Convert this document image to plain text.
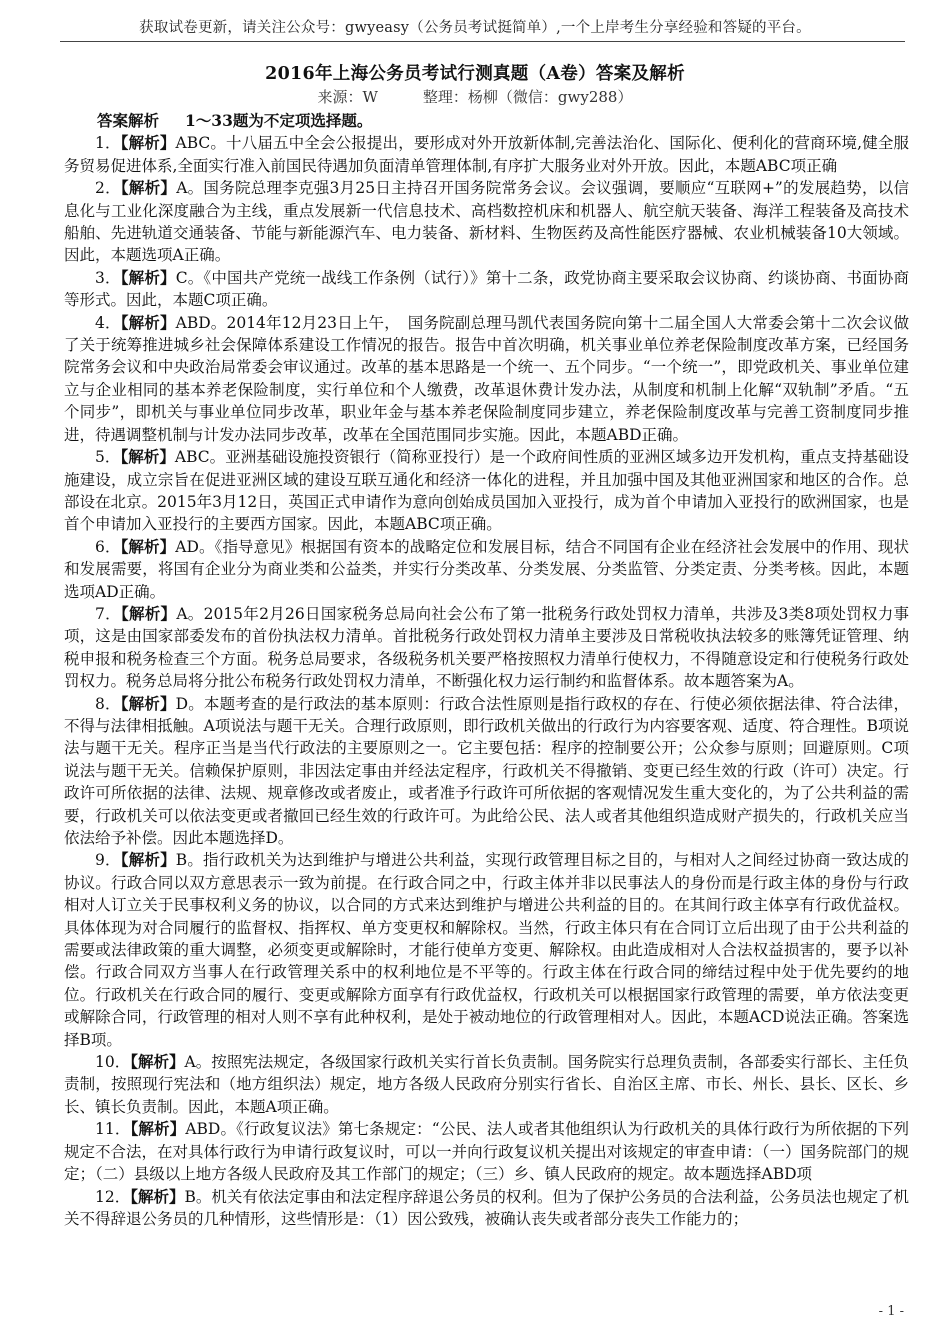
获取试卷更新，请关注公众号：gwyeasy（公务员考试挺简单）,一个上岸考生分享经验和答疑的平台。
2016年上海公务员考试行测真题（A卷）答案及解析
来源：W　　　整理：杨柳（微信：gwy288）

答案解析 1～33题为不定项选择题。

1．【解析】ABC。十八届五中全会公报提出，要形成对外开放新体制,完善法治化、国际化、便利化的营商环境,健全服务贸易促进体系,全面实行准入前国民待遇加负面清单管理体制,有序扩大服务业对外开放。因此，本题ABC项正确

2．【解析】A。国务院总理李克强3月25日主持召开国务院常务会议。会议强调，要顺应“互联网+”的发展趋势，以信息化与工业化深度融合为主线，重点发展新一代信息技术、高档数控机床和机器人、航空航天装备、海洋工程装备及高技术船舶、先进轨道交通装备、节能与新能源汽车、电力装备、新材料、生物医药及高性能医疗器械、农业机械装备10大领域。因此，本题选项A正确。

3．【解析】C。《中国共产党统一战线工作条例（试行）》第十二条，政党协商主要采取会议协商、约谈协商、书面协商等形式。因此，本题C项正确。

4．【解析】ABD。2014年12月23日上午，　国务院副总理马凯代表国务院向第十二届全国人大常委会第十二次会议做了关于统筹推进城乡社会保障体系建设工作情况的报告。报告中首次明确，机关事业单位养老保险制度改革方案，已经国务院常务会议和中央政治局常委会审议通过。改革的基本思路是一个统一、五个同步。“一个统一”，即党政机关、事业单位建立与企业相同的基本养老保险制度，实行单位和个人缴费，改革退休费计发办法，从制度和机制上化解“双轨制”矛盾。“五个同步”，即机关与事业单位同步改革，职业年金与基本养老保险制度同步建立，养老保险制度改革与完善工资制度同步推进，待遇调整机制与计发办法同步改革，改革在全国范围同步实施。因此，本题ABD正确。

5．【解析】ABC。亚洲基础设施投资银行（简称亚投行）是一个政府间性质的亚洲区域多边开发机构，重点支持基础设施建设，成立宗旨在促进亚洲区域的建设互联互通化和经济一体化的进程，并且加强中国及其他亚洲国家和地区的合作。总部设在北京。2015年3月12日，英国正式申请作为意向创始成员国加入亚投行，成为首个申请加入亚投行的欧洲国家，也是首个申请加入亚投行的主要西方国家。因此，本题ABC项正确。

6．【解析】AD。《指导意见》根据国有资本的战略定位和发展目标，结合不同国有企业在经济社会发展中的作用、现状和发展需要，将国有企业分为商业类和公益类，并实行分类改革、分类发展、分类监管、分类定责、分类考核。因此，本题选项AD正确。

7．【解析】A。2015年2月26日国家税务总局向社会公布了第一批税务行政处罚权力清单，共涉及3类8项处罚权力事项，这是由国家部委发布的首份执法权力清单。首批税务行政处罚权力清单主要涉及日常税收执法较多的账簿凭证管理、纳税申报和税务检查三个方面。税务总局要求，各级税务机关要严格按照权力清单行使权力，不得随意设定和行使税务行政处罚权力。税务总局将分批公布税务行政处罚权力清单，不断强化权力运行制约和监督体系。故本题答案为A。

8．【解析】D。本题考查的是行政法的基本原则：行政合法性原则是指行政权的存在、行使必须依据法律、符合法律，不得与法律相抵触。A项说法与题干无关。合理行政原则，即行政机关做出的行政行为内容要客观、适度、符合理性。B项说法与题干无关。程序正当是当代行政法的主要原则之一。它主要包括：程序的控制要公开；公众参与原则；回避原则。C项说法与题干无关。信赖保护原则，非因法定事由并经法定程序，行政机关不得撤销、变更已经生效的行政（许可）决定。行政许可所依据的法律、法规、规章修改或者废止，或者准予行政许可所依据的客观情况发生重大变化的，为了公共利益的需要，行政机关可以依法变更或者撤回已经生效的行政许可。为此给公民、法人或者其他组织造成财产损失的，行政机关应当依法给予补偿。因此本题选择D。

9．【解析】B。指行政机关为达到维护与增进公共利益，实现行政管理目标之目的，与相对人之间经过协商一致达成的协议。行政合同以双方意思表示一致为前提。在行政合同之中，行政主体并非以民事法人的身份而是行政主体的身份与行政相对人订立关于民事权利义务的协议，以合同的方式来达到维护与增进公共利益的目的。在其间行政主体享有行政优益权。具体体现为对合同履行的监督权、指挥权、单方变更权和解除权。当然，行政主体只有在合同订立后出现了由于公共利益的需要或法律政策的重大调整，必须变更或解除时，才能行使单方变更、解除权。由此造成相对人合法权益损害的，要予以补偿。行政合同双方当事人在行政管理关系中的权利地位是不平等的。行政主体在行政合同的缔结过程中处于优先要约的地位。行政机关在行政合同的履行、变更或解除方面享有行政优益权，行政机关可以根据国家行政管理的需要，单方依法变更或解除合同，行政管理的相对人则不享有此种权利，是处于被动地位的行政管理相对人。因此，本题ACD说法正确。答案选择B项。

10．【解析】A。按照宪法规定，各级国家行政机关实行首长负责制。国务院实行总理负责制，各部委实行部长、主任负责制，按照现行宪法和（地方组织法）规定，地方各级人民政府分别实行省长、自治区主席、市长、州长、县长、区长、乡长、镇长负责制。因此，本题A项正确。

11．【解析】ABD。《行政复议法》第七条规定：“公民、法人或者其他组织认为行政机关的具体行政行为所依据的下列规定不合法，在对具体行政行为申请行政复议时，可以一并向行政复议机关提出对该规定的审查申请：（一）国务院部门的规定；（二）县级以上地方各级人民政府及其工作部门的规定；（三）乡、镇人民政府的规定。故本题选择ABD项

12．【解析】B。机关有依法定事由和法定程序辞退公务员的权利。但为了保护公务员的合法利益，公务员法也规定了机关不得辞退公务员的几种情形，这些情形是：（1）因公致残，被确认丧失或者部分丧失工作能力的；

- 1 -
